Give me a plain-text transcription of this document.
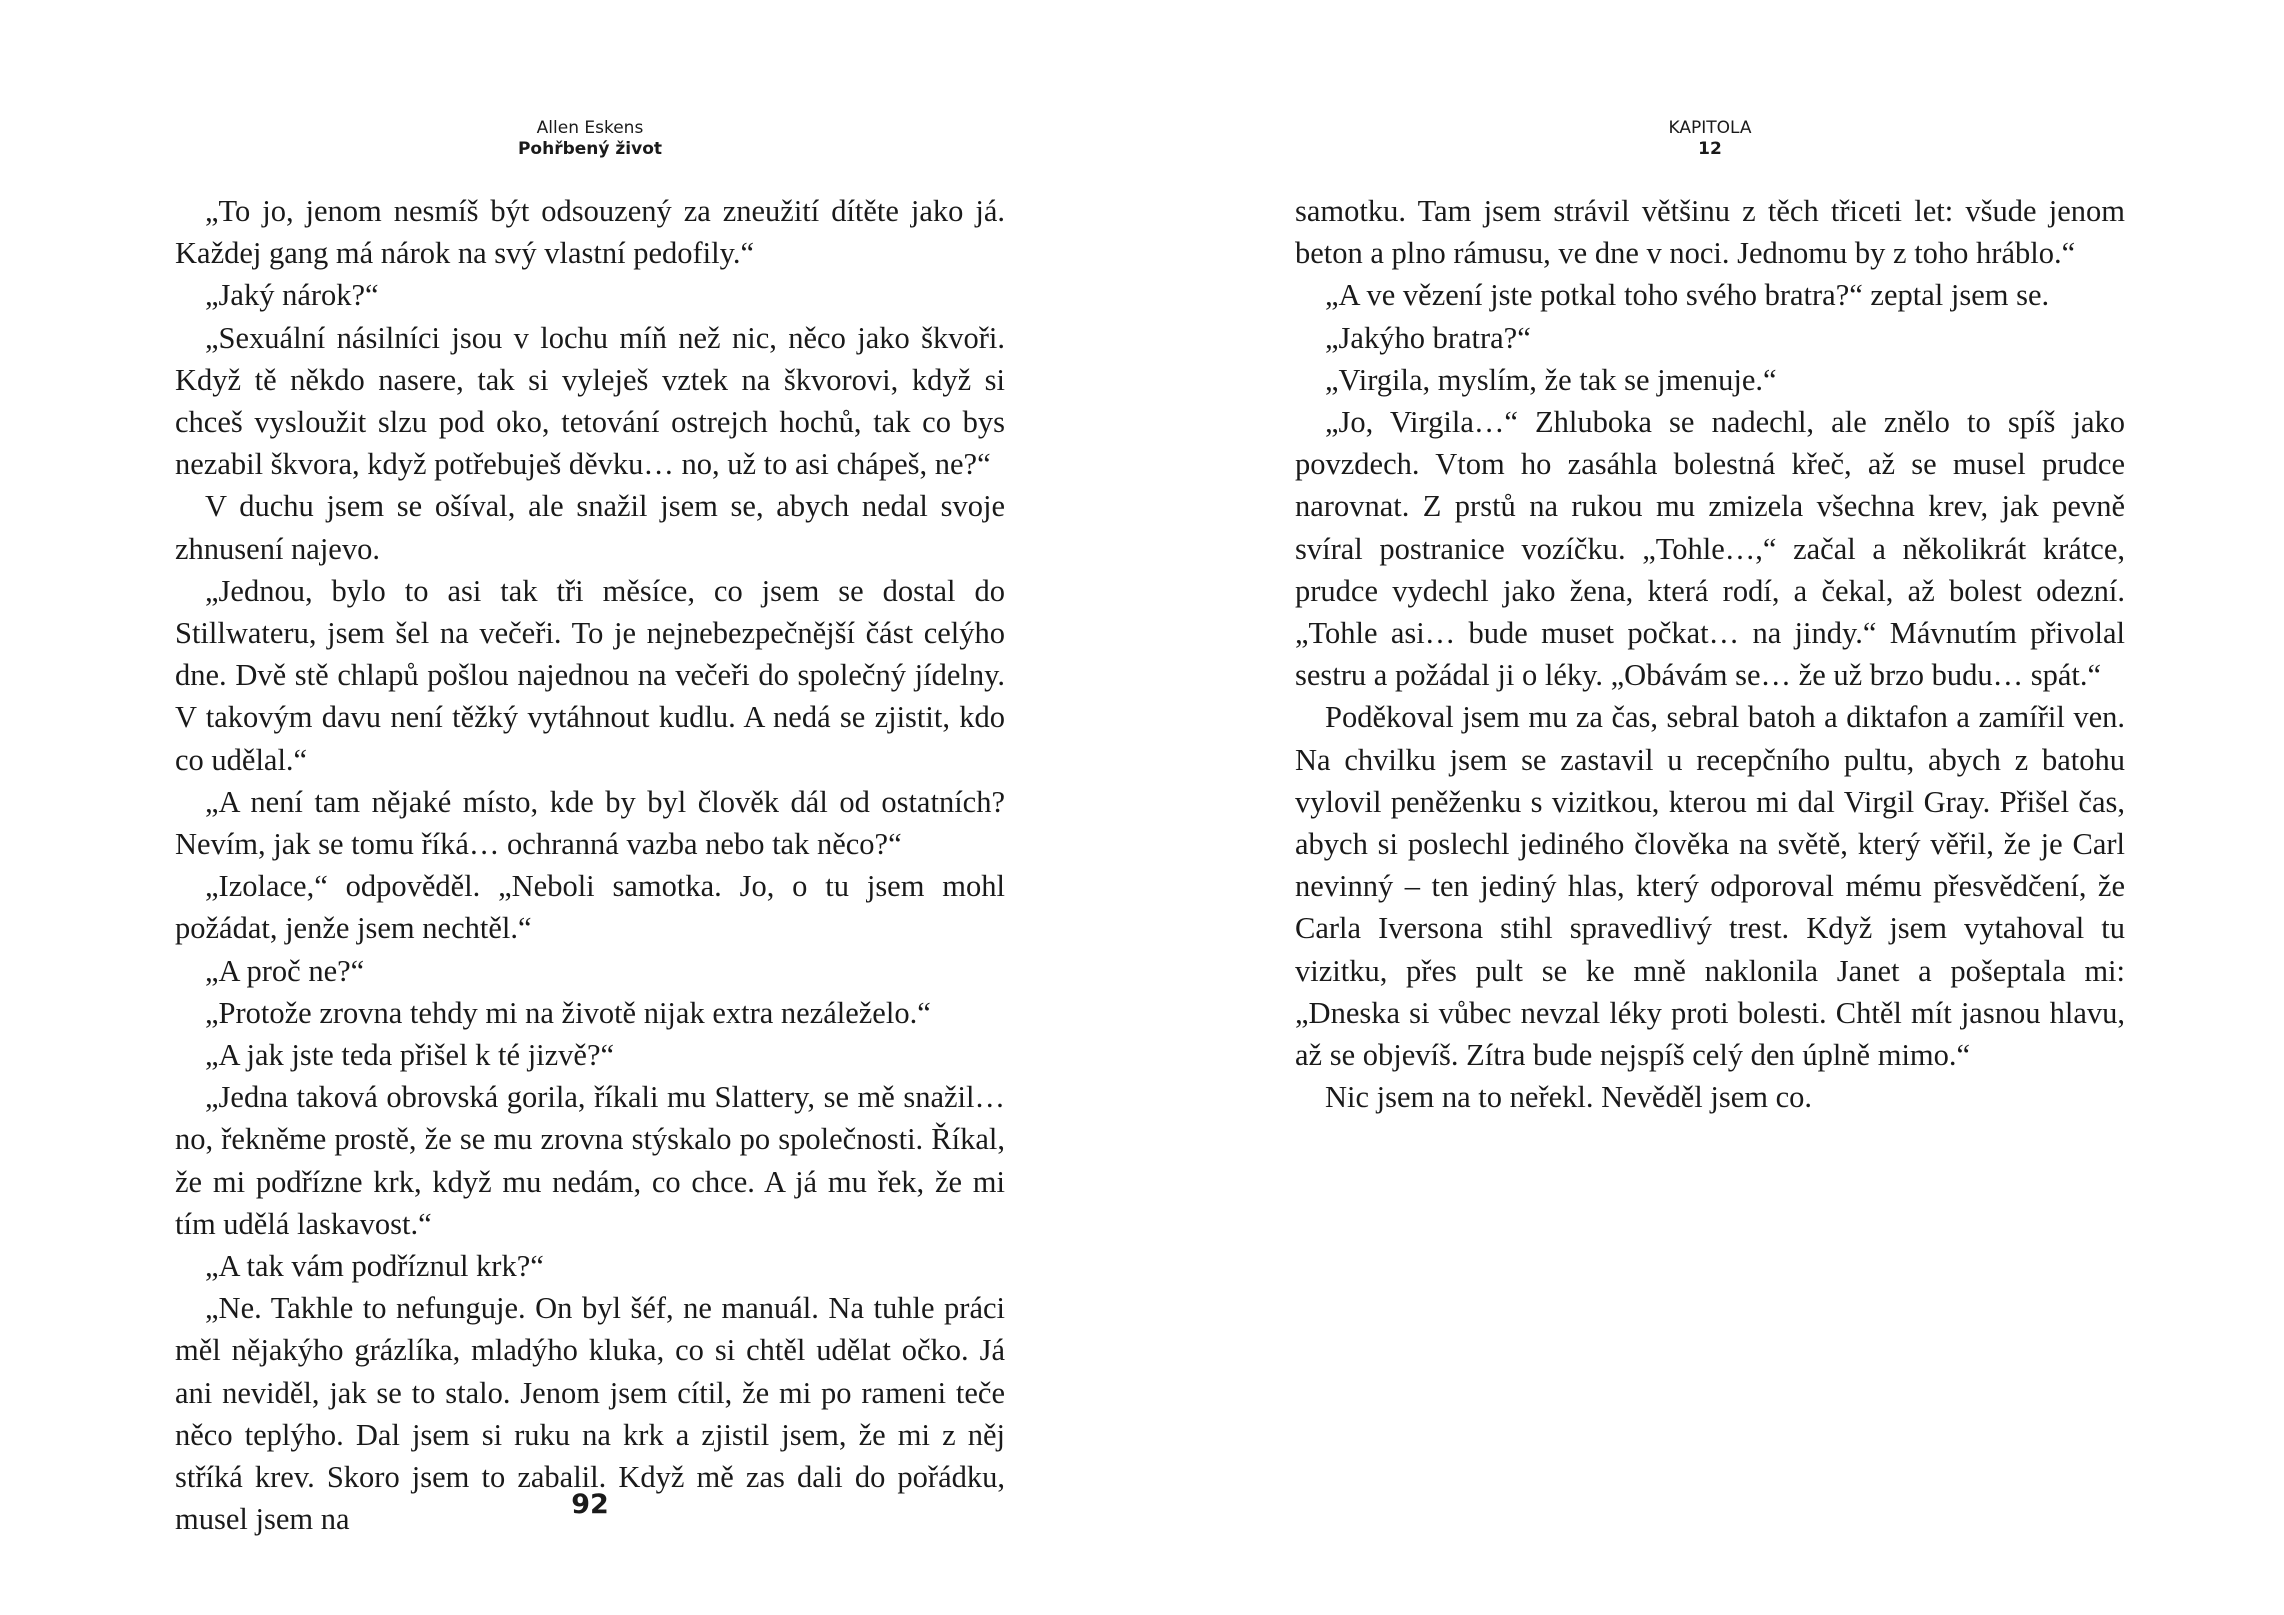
Allen Eskens
Pohřbený život

„To jo, jenom nesmíš být odsouzený za zneužití dítěte jako já. Každej gang má nárok na svý vlastní pedofily.“

„Jaký nárok?“

„Sexuální násilníci jsou v lochu míň než nic, něco jako škvoři. Když tě někdo nasere, tak si vyleješ vztek na škvorovi, když si chceš vysloužit slzu pod oko, tetování ostrejch hochů, tak co bys nezabil škvora, když potřebuješ děvku… no, už to asi chápeš, ne?“

V duchu jsem se ošíval, ale snažil jsem se, abych nedal svoje zhnusení najevo.

„Jednou, bylo to asi tak tři měsíce, co jsem se dostal do Stillwateru, jsem šel na večeři. To je nejnebezpečnější část celýho dne. Dvě stě chlapů pošlou najednou na večeři do společný jídelny. V takovým davu není těžký vytáhnout kudlu. A nedá se zjistit, kdo co udělal.“

„A není tam nějaké místo, kde by byl člověk dál od ostatních? Nevím, jak se tomu říká… ochranná vazba nebo tak něco?“

„Izolace,“ odpověděl. „Neboli samotka. Jo, o tu jsem mohl požádat, jenže jsem nechtěl.“

„A proč ne?“

„Protože zrovna tehdy mi na životě nijak extra nezáleželo.“

„A jak jste teda přišel k té jizvě?“

„Jedna taková obrovská gorila, říkali mu Slattery, se mě snažil… no, řekněme prostě, že se mu zrovna stýskalo po společnosti. Říkal, že mi podřízne krk, když mu nedám, co chce. A já mu řek, že mi tím udělá laskavost.“

„A tak vám podříznul krk?“

„Ne. Takhle to nefunguje. On byl šéf, ne manuál. Na tuhle práci měl nějakýho grázlíka, mladýho kluka, co si chtěl udělat očko. Já ani neviděl, jak se to stalo. Jenom jsem cítil, že mi po rameni teče něco teplýho. Dal jsem si ruku na krk a zjistil jsem, že mi z něj stříká krev. Skoro jsem to zabalil. Když mě zas dali do pořádku, musel jsem na	92
KAPITOLA
12

samotku. Tam jsem strávil většinu z těch třiceti let: všude jenom beton a plno rámusu, ve dne v noci. Jednomu by z toho hráblo.“

„A ve vězení jste potkal toho svého bratra?“ zeptal jsem se.

„Jakýho bratra?“

„Virgila, myslím, že tak se jmenuje.“

„Jo, Virgila…“ Zhluboka se nadechl, ale znělo to spíš jako povzdech. Vtom ho zasáhla bolestná křeč, až se musel prudce narovnat. Z prstů na rukou mu zmizela všechna krev, jak pevně svíral postranice vozíčku. „Tohle…,“ začal a několikrát krátce, prudce vydechl jako žena, která rodí, a čekal, až bolest odezní. „Tohle asi… bude muset počkat… na jindy.“ Mávnutím přivolal sestru a požádal ji o léky. „Obávám se… že už brzo budu… spát.“

Poděkoval jsem mu za čas, sebral batoh a diktafon a zamířil ven. Na chvilku jsem se zastavil u recepčního pultu, abych z batohu vylovil peněženku s vizitkou, kterou mi dal Virgil Gray. Přišel čas, abych si poslechl jediného člověka na světě, který věřil, že je Carl nevinný – ten jediný hlas, který odporoval mému přesvědčení, že Carla Iversona stihl spravedlivý trest. Když jsem vytahoval tu vizitku, přes pult se ke mně naklonila Janet a pošeptala mi: „Dneska si vůbec nevzal léky proti bolesti. Chtěl mít jasnou hlavu, až se objevíš. Zítra bude nejspíš celý den úplně mimo.“

Nic jsem na to neřekl. Nevěděl jsem co.
